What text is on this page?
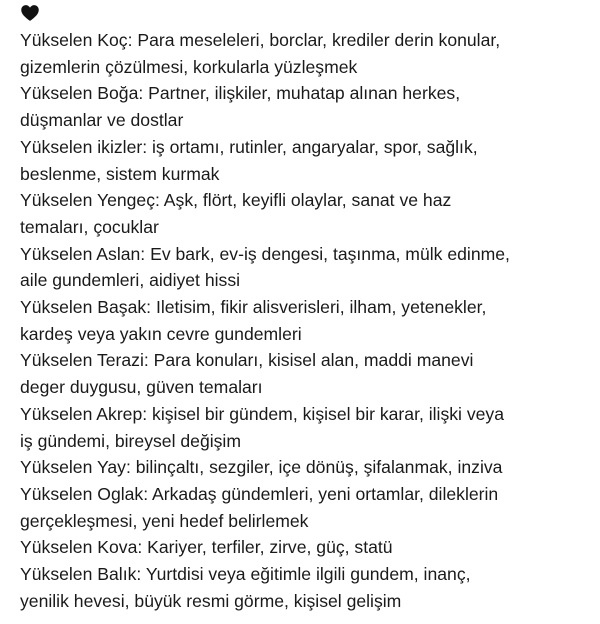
Yükselen Koç: Para meseleleri, borclar, krediler derin konular,
gizemlerin çözülmesi, korkularla yüzleşmek
Yükselen Boğa: Partner, ilişkiler, muhatap alınan herkes,
düşmanlar ve dostlar
Yükselen ikizler: iş ortamı, rutinler, angaryalar, spor, sağlık,
beslenme, sistem kurmak
Yükselen Yengeç: Aşk, flört, keyifli olaylar, sanat ve haz
temaları, çocuklar
Yükselen Aslan: Ev bark, ev-iş dengesi, taşınma, mülk edinme,
aile gundemleri, aidiyet hissi
Yükselen Başak: Iletisim, fikir alisverisleri, ilham, yetenekler,
kardeş veya yakın cevre gundemleri
Yükselen Terazi: Para konuları, kisisel alan, maddi manevi
deger duygusu, güven temaları
Yükselen Akrep: kişisel bir gündem, kişisel bir karar, ilişki veya
iş gündemi, bireysel değişim
Yükselen Yay: bilinçaltı, sezgiler, içe dönüş, şifalanmak, inziva
Yükselen Oglak: Arkadaş gündemleri, yeni ortamlar, dileklerin
gerçekleşmesi, yeni hedef belirlemek
Yükselen Kova: Kariyer, terfiler, zirve, güç, statü
Yükselen Balık: Yurtdisi veya eğitimle ilgili gundem, inanç,
yenilik hevesi, büyük resmi görme, kişisel gelişim
